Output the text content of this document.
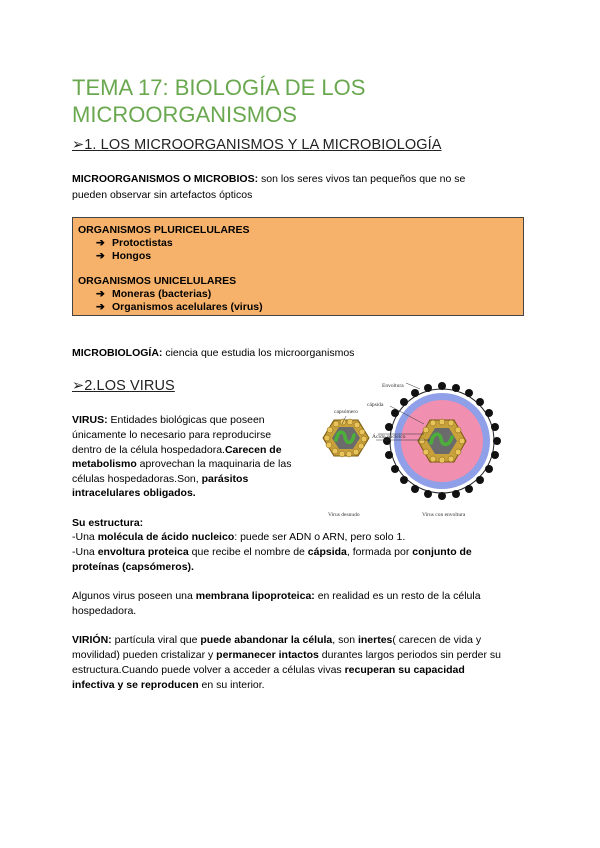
TEMA 17: BIOLOGÍA DE LOS MICROORGANISMOS
➢1. LOS MICROORGANISMOS Y LA MICROBIOLOGÍA
MICROORGANISMOS O MICROBIOS: son los seres vivos tan pequeños que no se
pueden observar sin artefactos ópticos
ORGANISMOS PLURICELULARES
➔ Protoctistas
➔ Hongos
ORGANISMOS UNICELULARES
➔ Moneras (bacterias)
➔ Organismos acelulares (virus)
MICROBIOLOGÍA: ciencia que estudia los microorganismos
➢2.LOS VIRUS
VIRUS: Entidades biológicas que poseen
únicamente lo necesario para reproducirse
dentro de la célula hospedadora.Carecen de
metabolismo aprovechan la maquinaria de las
células hospedadoras.Son, parásitos
intracelulares obligados.
Envoltura
capsómero
cápsida
Ácido nucleico
Virus desnudo	Virus con envoltura
Su estructura:
-Una molécula de ácido nucleico: puede ser ADN o ARN, pero solo 1.
-Una envoltura proteica que recibe el nombre de cápsida, formada por conjunto de
proteínas (capsómeros).
Algunos virus poseen una membrana lipoproteica: en realidad es un resto de la célula
hospedadora.
VIRIÓN: partícula viral que puede abandonar la célula, son inertes( carecen de vida y
movilidad) pueden cristalizar y permanecer intactos durantes largos periodos sin perder su
estructura.Cuando puede volver a acceder a células vivas recuperan su capacidad
infectiva y se reproducen en su interior.
